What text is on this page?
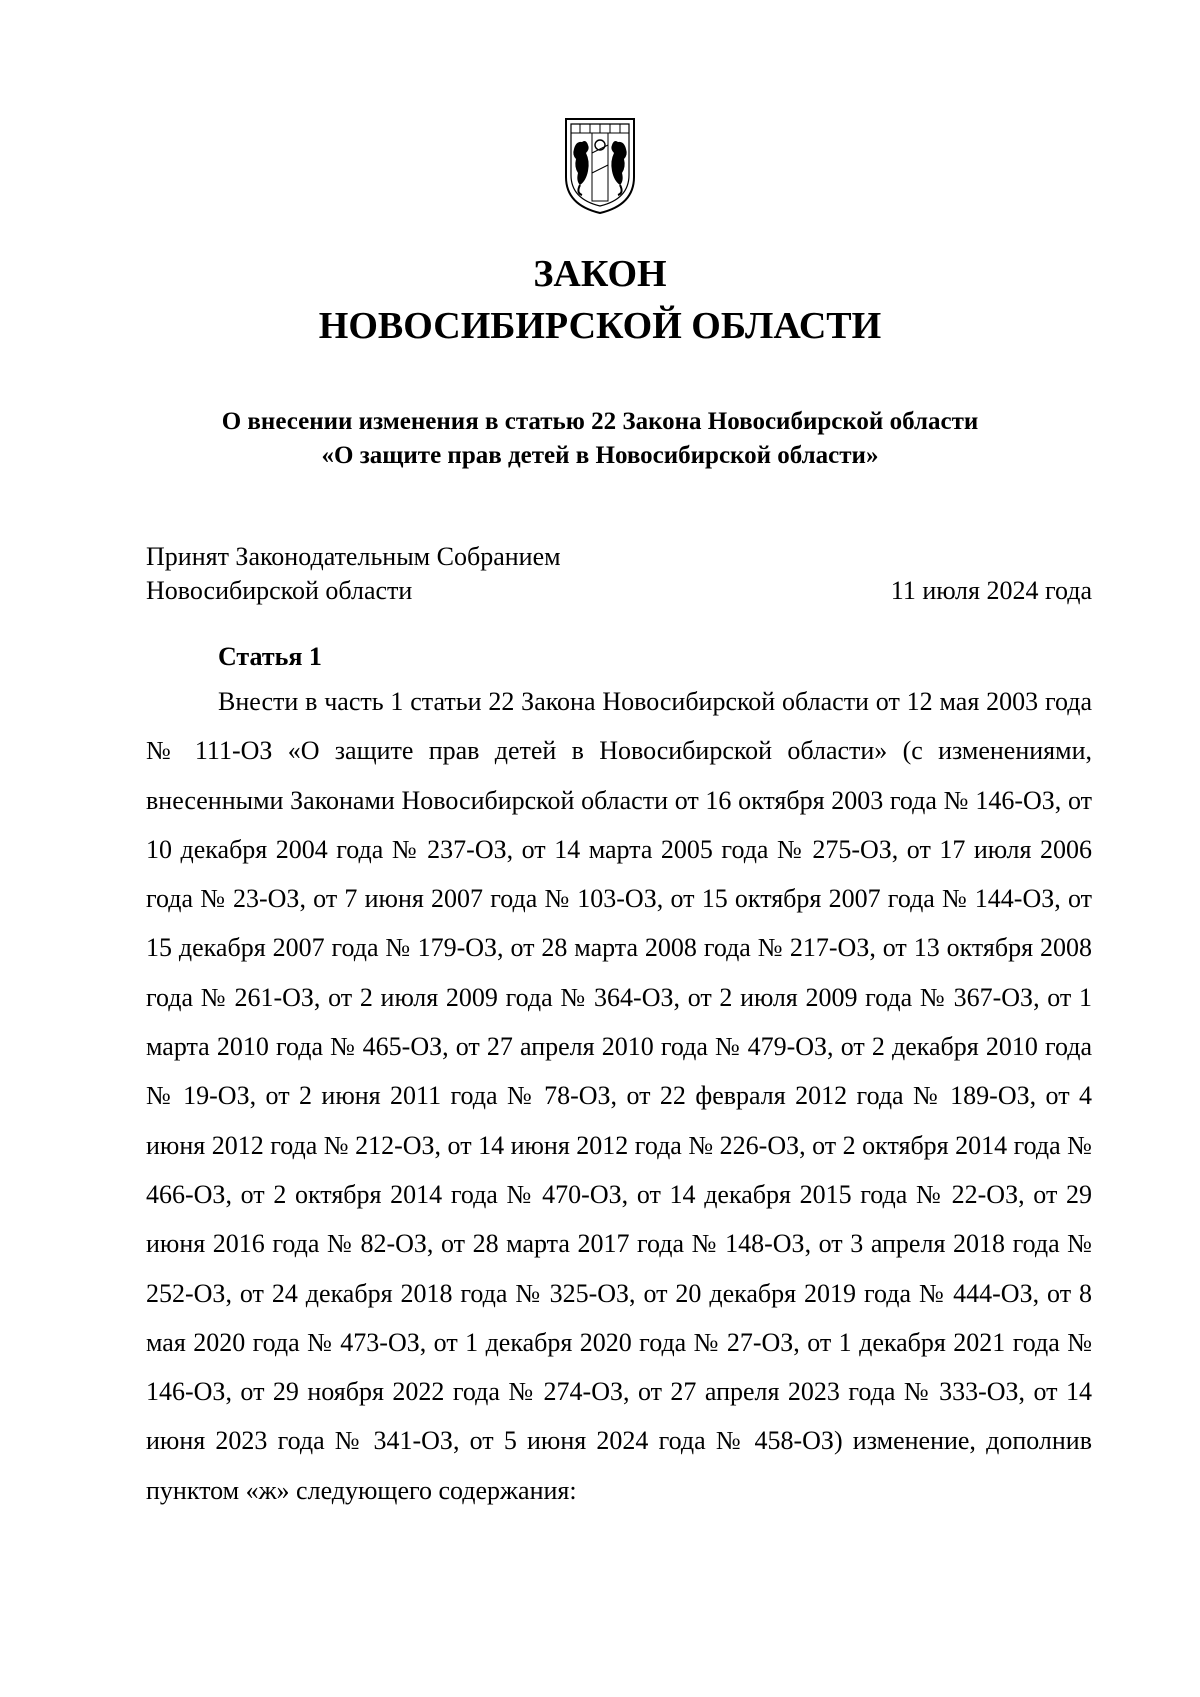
ЗАКОН
НОВОСИБИРСКОЙ ОБЛАСТИ
О внесении изменения в статью 22 Закона Новосибирской области
«О защите прав детей в Новосибирской области»
Принят Законодательным Собранием
Новосибирской области	11 июля 2024 года
Статья 1

Внести в часть 1 статьи 22 Закона Новосибирской области от 12 мая 2003 года № 111-ОЗ «О защите прав детей в Новосибирской области» (с изменениями, внесенными Законами Новосибирской области от 16 октября 2003 года № 146-ОЗ, от 10 декабря 2004 года № 237-ОЗ, от 14 марта 2005 года № 275-ОЗ, от 17 июля 2006 года № 23-ОЗ, от 7 июня 2007 года № 103-ОЗ, от 15 октября 2007 года № 144-ОЗ, от 15 декабря 2007 года № 179-ОЗ, от 28 марта 2008 года № 217-ОЗ, от 13 октября 2008 года № 261-ОЗ, от 2 июля 2009 года № 364-ОЗ, от 2 июля 2009 года № 367-ОЗ, от 1 марта 2010 года № 465-ОЗ, от 27 апреля 2010 года № 479-ОЗ, от 2 декабря 2010 года № 19-ОЗ, от 2 июня 2011 года № 78-ОЗ, от 22 февраля 2012 года № 189-ОЗ, от 4 июня 2012 года № 212-ОЗ, от 14 июня 2012 года № 226-ОЗ, от 2 октября 2014 года № 466-ОЗ, от 2 октября 2014 года № 470-ОЗ, от 14 декабря 2015 года № 22-ОЗ, от 29 июня 2016 года № 82-ОЗ, от 28 марта 2017 года № 148-ОЗ, от 3 апреля 2018 года № 252-ОЗ, от 24 декабря 2018 года № 325-ОЗ, от 20 декабря 2019 года № 444-ОЗ, от 8 мая 2020 года № 473-ОЗ, от 1 декабря 2020 года № 27-ОЗ, от 1 декабря 2021 года № 146-ОЗ, от 29 ноября 2022 года № 274-ОЗ, от 27 апреля 2023 года № 333-ОЗ, от 14 июня 2023 года № 341-ОЗ, от 5 июня 2024 года № 458-ОЗ) изменение, дополнив пунктом «ж» следующего содержания:
